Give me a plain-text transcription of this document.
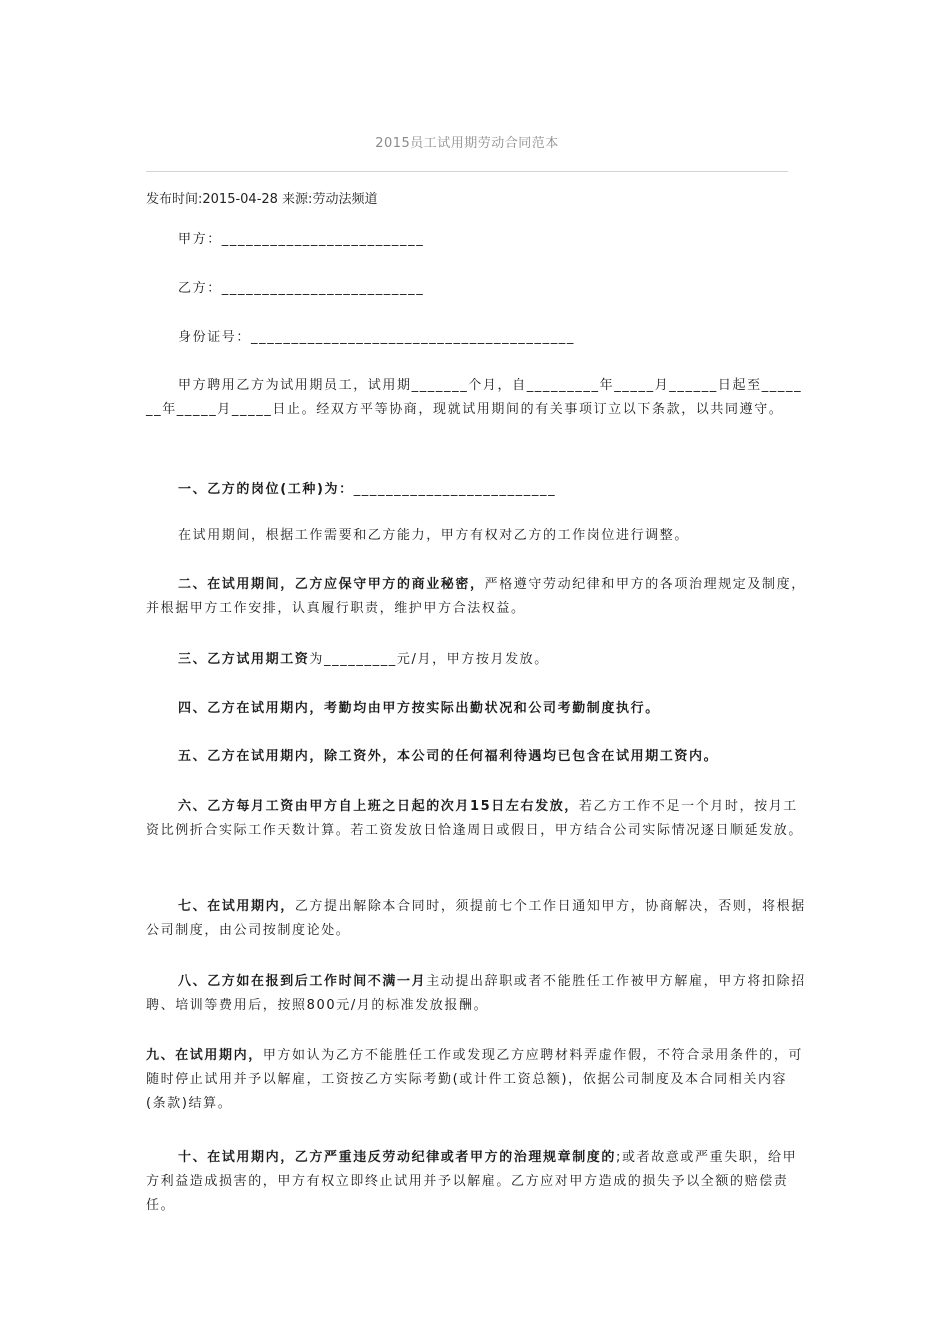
2015员工试用期劳动合同范本
发布时间:2015-04-28 来源:劳动法频道
甲方：_________________________
乙方：_________________________
身份证号：________________________________________
甲方聘用乙方为试用期员工，试用期_______个月，自_________年_____月______日起至_______年_____月_____日止。经双方平等协商，现就试用期间的有关事项订立以下条款，以共同遵守。
一、乙方的岗位(工种)为：_________________________
在试用期间，根据工作需要和乙方能力，甲方有权对乙方的工作岗位进行调整。
二、在试用期间，乙方应保守甲方的商业秘密，严格遵守劳动纪律和甲方的各项治理规定及制度，并根据甲方工作安排，认真履行职责，维护甲方合法权益。
三、乙方试用期工资为_________元/月，甲方按月发放。
四、乙方在试用期内，考勤均由甲方按实际出勤状况和公司考勤制度执行。
五、乙方在试用期内，除工资外，本公司的任何福利待遇均已包含在试用期工资内。
六、乙方每月工资由甲方自上班之日起的次月15日左右发放，若乙方工作不足一个月时，按月工资比例折合实际工作天数计算。若工资发放日恰逢周日或假日，甲方结合公司实际情况逐日顺延发放。
七、在试用期内，乙方提出解除本合同时，须提前七个工作日通知甲方，协商解决，否则，将根据公司制度，由公司按制度论处。
八、乙方如在报到后工作时间不满一月主动提出辞职或者不能胜任工作被甲方解雇，甲方将扣除招聘、培训等费用后，按照800元/月的标准发放报酬。
九、在试用期内，甲方如认为乙方不能胜任工作或发现乙方应聘材料弄虚作假，不符合录用条件的，可随时停止试用并予以解雇，工资按乙方实际考勤(或计件工资总额)，依据公司制度及本合同相关内容(条款)结算。
十、在试用期内，乙方严重违反劳动纪律或者甲方的治理规章制度的;或者故意或严重失职，给甲方利益造成损害的，甲方有权立即终止试用并予以解雇。乙方应对甲方造成的损失予以全额的赔偿责任。
